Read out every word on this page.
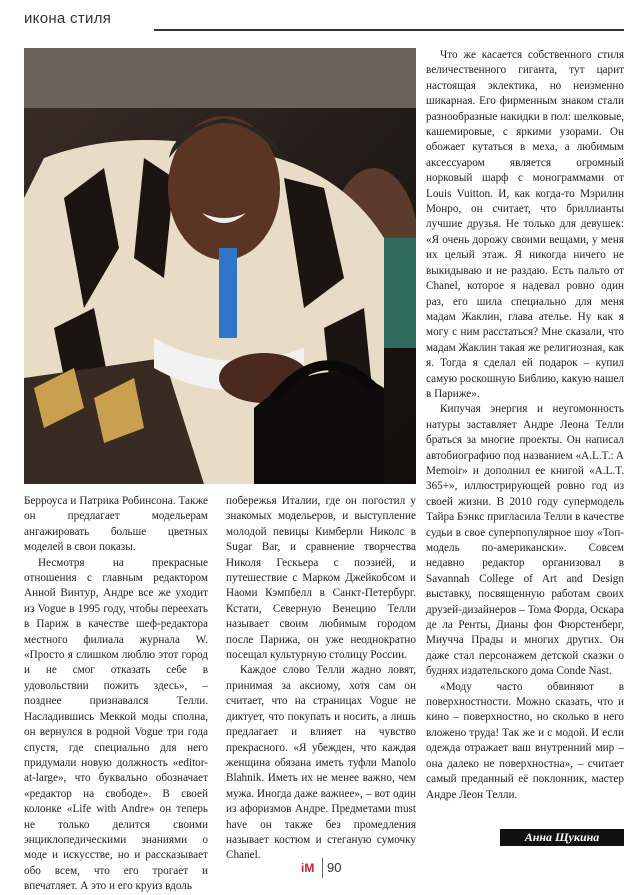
икона стиля

Берроуса и Патрика Робинсона. Также он предлагает модельерам ангажировать больше цветных моделей в свои показы.

Несмотря на прекрасные отношения с главным редактором Анной Винтур, Андре все же уходит из Vogue в 1995 году, чтобы переехать в Париж в качестве шеф-редактора местного филиала журнала W. «Просто я слишком люблю этот город и не смог отказать себе в удовольствии пожить здесь», – позднее признавался Телли. Насладившись Меккой моды сполна, он вернулся в родной Vogue три года спустя, где специально для него придумали новую должность «editor-at-large», что буквально обозначает «редактор на свободе». В своей колонке «Life with Andre» он теперь не только делится своими энциклопедическими знаниями о моде и искусстве, но и рассказывает обо всем, что его трогает и впечатляет. А это и его круиз вдоль

побережья Италии, где он погостил у знакомых модельеров, и выступление молодой певицы Кимберли Николс в Sugar Bar, и сравнение творчества Николя Гескьера с поэзией, и путешествие с Марком Джейкобсом и Наоми Кэмпбелл в Санкт-Петербург. Кстати, Северную Венецию Телли называет своим любимым городом после Парижа, он уже неоднократно посещал культурную столицу России.

Каждое слово Телли жадно ловят, принимая за аксиому, хотя сам он считает, что на страницах Vogue не диктует, что покупать и носить, а лишь предлагает и влияет на чувство прекрасного. «Я убежден, что каждая женщина обязана иметь туфли Manolo Blahnik. Иметь их не менее важно, чем мужа. Иногда даже важнее», – вот один из афоризмов Андре. Предметами must have он также без промедления называет костюм и стеганую сумочку Chanel.

Что же касается собственного стиля величественного гиганта, тут царит настоящая эклектика, но неизменно шикарная. Его фирменным знаком стали разнообразные накидки в пол: шелковые, кашемировые, с яркими узорами. Он обожает кутаться в меха, а любимым аксессуаром является огромный норковый шарф с монограммами от Louis Vuitton. И, как когда-то Мэрилин Монро, он считает, что бриллианты лучшие друзья. Не только для девушек: «Я очень дорожу своими вещами, у меня их целый этаж. Я никогда ничего не выкидываю и не раздаю. Есть пальто от Chanel, которое я надевал ровно один раз, его шила специально для меня мадам Жаклин, глава ателье. Ну как я могу с ним расстаться? Мне сказали, что мадам Жаклин такая же религиозная, как я. Тогда я сделал ей подарок – купил самую роскошную Библию, какую нашел в Париже».

Кипучая энергия и неугомонность натуры заставляет Андре Леона Телли браться за многие проекты. Он написал автобиографию под названием «A.L.T.: A Memoir» и дополнил ее книгой «A.L.T. 365+», иллюстрирующей ровно год из своей жизни. В 2010 году супермодель Тайра Бэнкс пригласила Телли в качестве судьи в свое суперпопулярное шоу «Топ-модель по-американски». Совсем недавно редактор организовал в Savannah College of Art and Design выставку, посвященную работам своих друзей-дизайнеров – Тома Форда, Оскара де ла Ренты, Дианы фон Фюрстенберг, Миучча Прады и многих других. Он даже стал персонажем детской сказки о буднях издательского дома Conde Nast.

«Моду часто обвиняют в поверхностности. Можно сказать, что и кино – поверхностно, но сколько в него вложено труда! Так же и с модой. И если одежда отражает ваш внутренний мир – она далеко не поверхностна», – считает самый преданный её поклонник, мастер Андре Леон Телли.

Анна Щукина
iM 90
